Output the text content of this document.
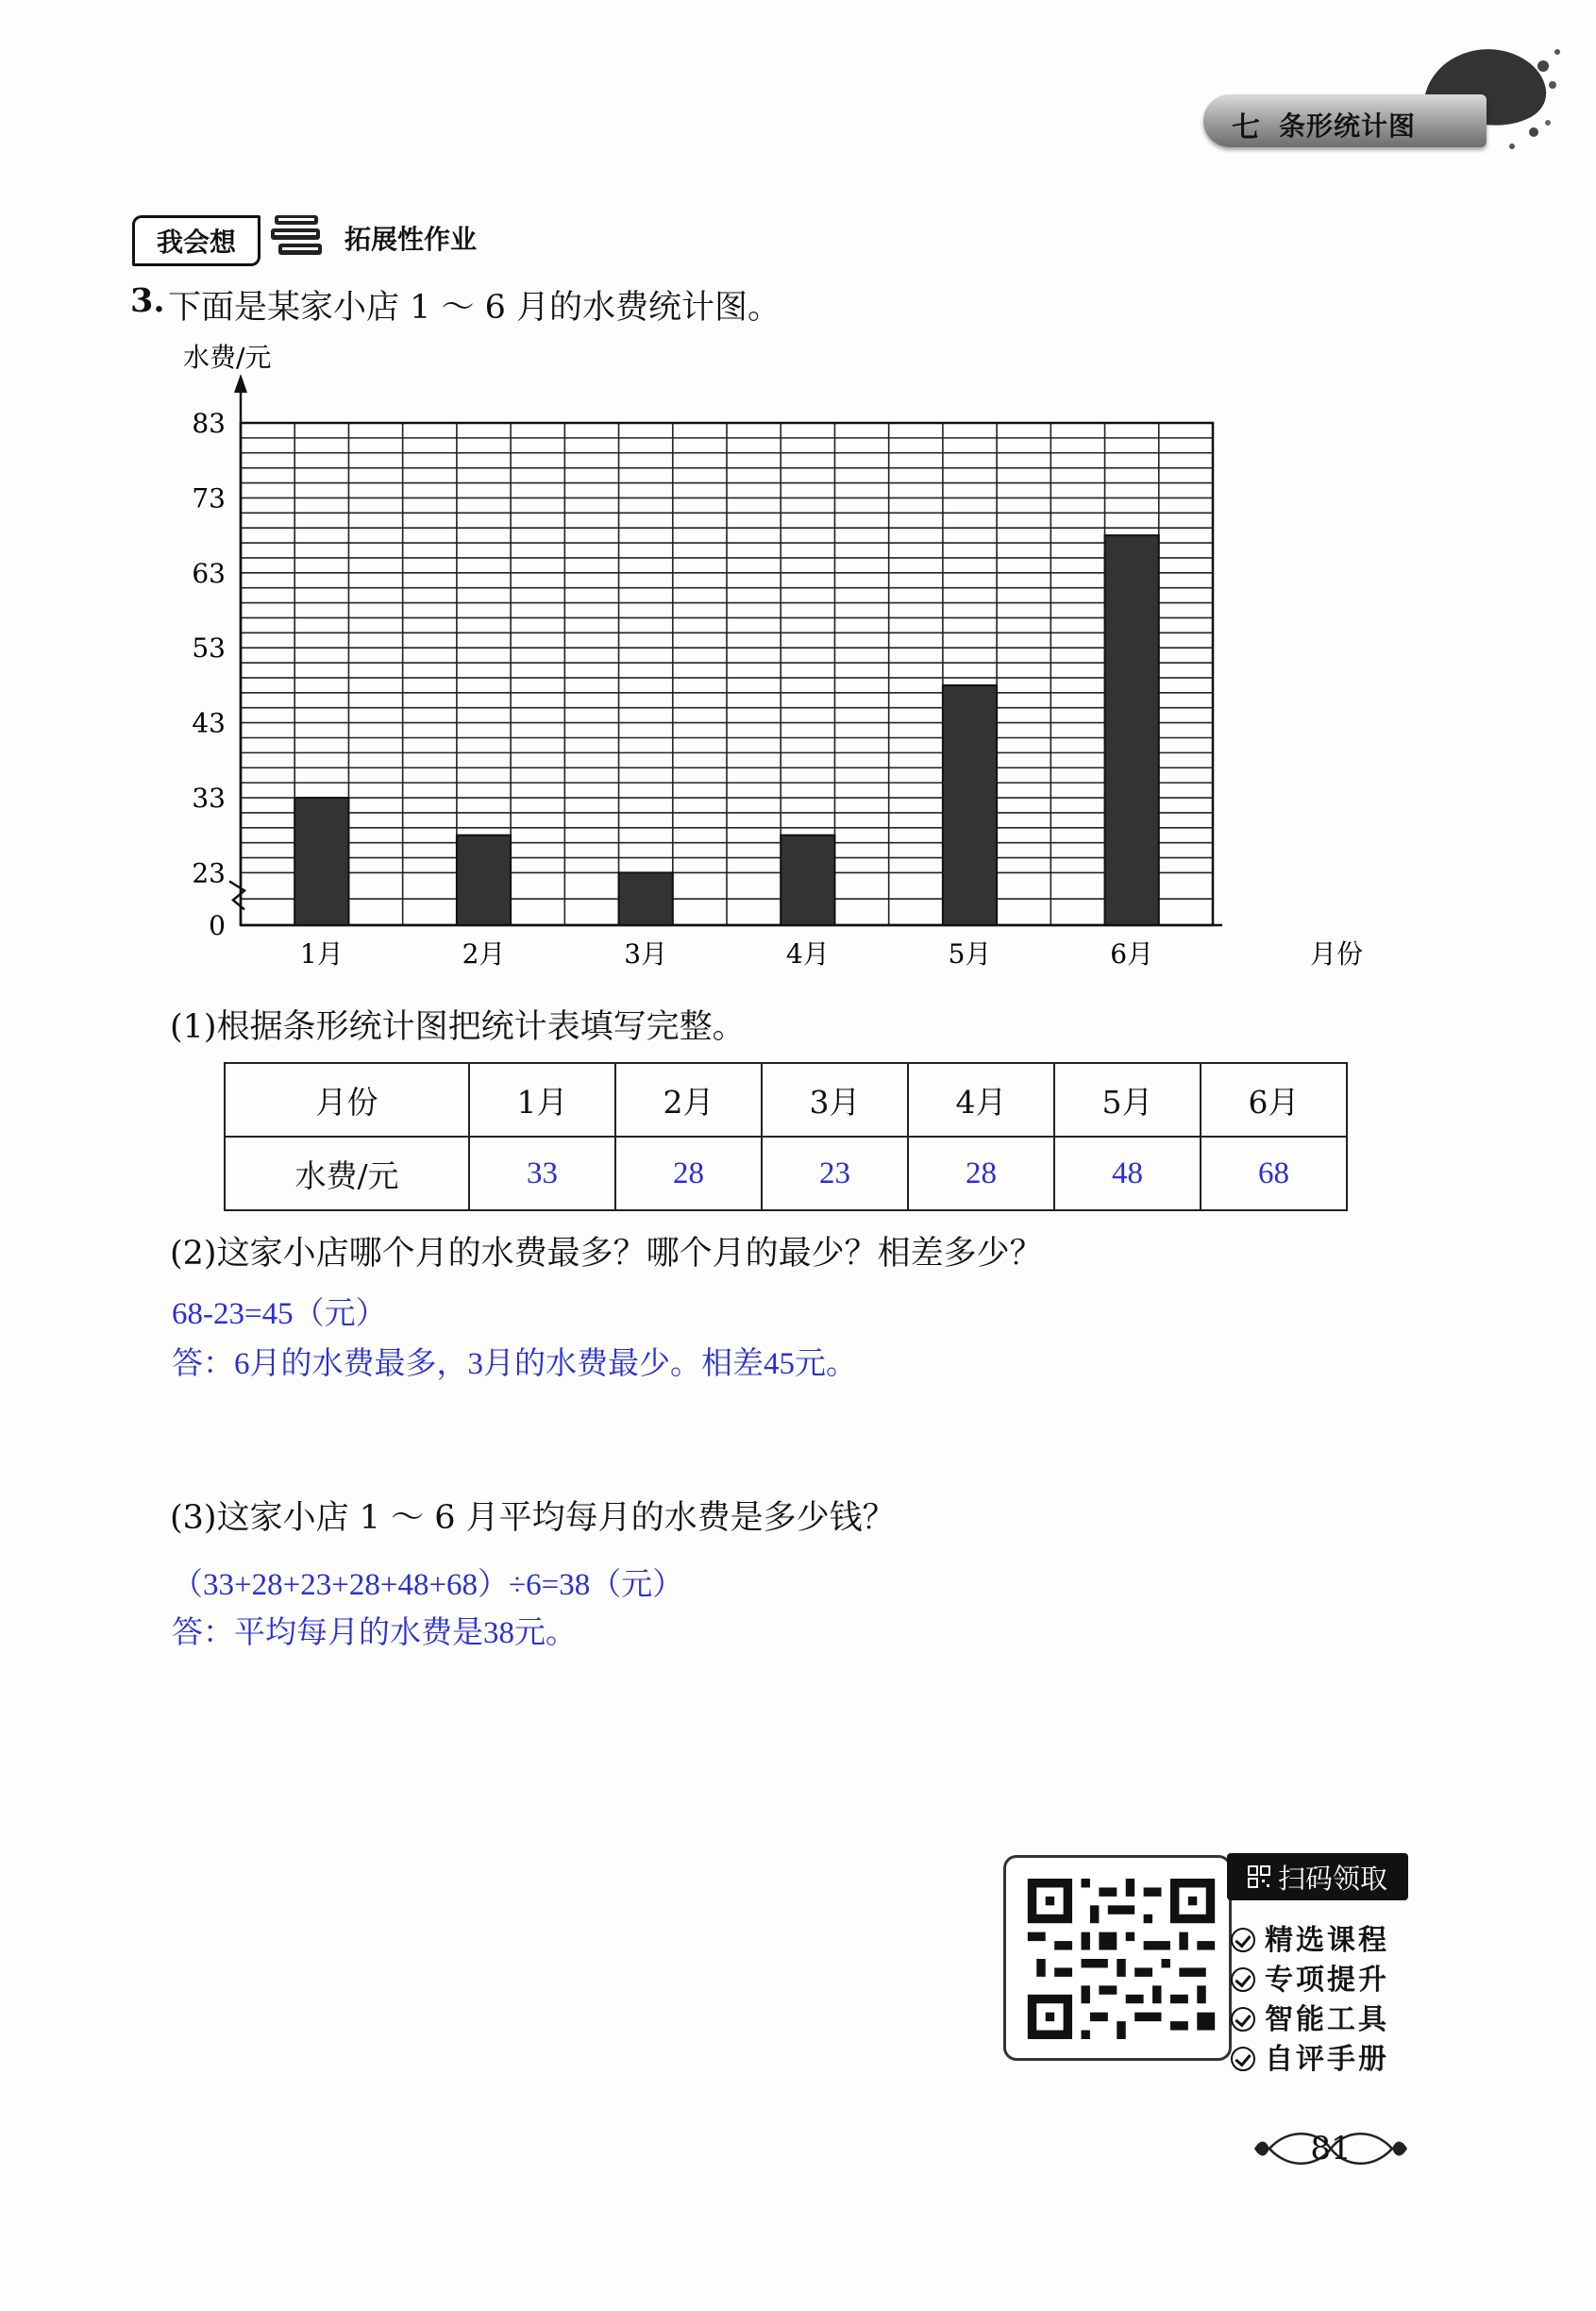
七 条形统计图
我会想	拓展性作业
3. 下面是某家小店 1 ～ 6 月的水费统计图。
0
23
33
43
53
63
73
83
1月	2月	3月	4月	5月	6月
水费/元
月份
(1)根据条形统计图把统计表填写完整。
月份	1月	2月	3月	4月	5月	6月
水费/元	33	28	23	28	48	68
(2)这家小店哪个月的水费最多？哪个月的最少？相差多少？
68-23=45（元）
答：6月的水费最多，3月的水费最少。相差45元。
(3)这家小店 1 ～ 6 月平均每月的水费是多少钱？
（33+28+23+28+48+68）÷6=38（元）
答：平均每月的水费是38元。
扫码领取
精选课程
专项提升
智能工具
自评手册
81
